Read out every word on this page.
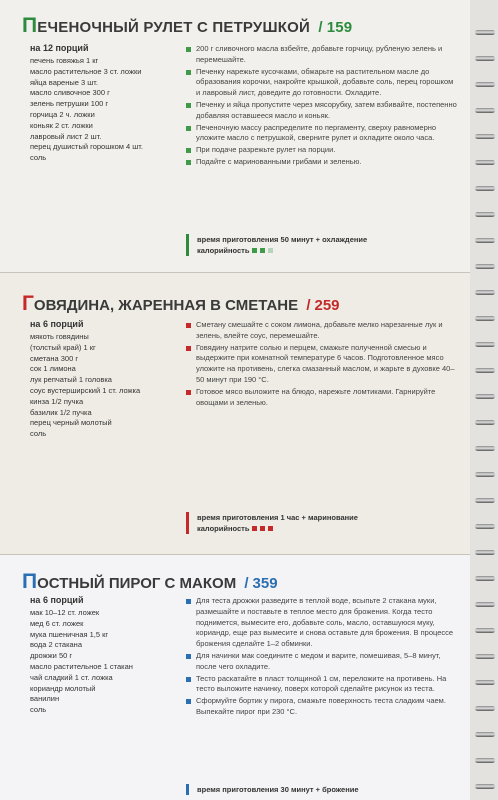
ПЕЧЕНОЧНЫЙ РУЛЕТ С ПЕТРУШКОЙ / 159
на 12 порций
печень говяжья 1 кг
масло растительное 3 ст. ложки
яйца вареные 3 шт.
масло сливочное 300 г
зелень петрушки 100 г
горчица 2 ч. ложки
коньяк 2 ст. ложки
лавровый лист 2 шт.
перец душистый горошком 4 шт.
соль
200 г сливочного масла взбейте, добавьте горчицу, рубленую зелень и перемешайте.
Печенку нарежьте кусочками, обжарьте на растительном масле до образования корочки, накройте крышкой, добавьте соль, перец горошком и лавровый лист, доведите до готовности. Охладите.
Печенку и яйца пропустите через мясорубку, затем взбивайте, постепенно добавляя оставшееся масло и коньяк.
Печеночную массу распределите по пергаменту, сверху равномерно уложите масло с петрушкой, сверните рулет и охладите около часа.
При подаче разрежьте рулет на порции.
Подайте с маринованными грибами и зеленью.
время приготовления 50 минут + охлаждение
калорийность
ГОВЯДИНА, ЖАРЕННАЯ В СМЕТАНЕ / 259
на 6 порций
мякоть говядины
(толстый край) 1 кг
сметана 300 г
сок 1 лимона
лук репчатый 1 головка
соус вустерширский 1 ст. ложка
кинза 1/2 пучка
базилик 1/2 пучка
перец черный молотый
соль
Сметану смешайте с соком лимона, добавьте мелко нарезанные лук и зелень, влейте соус, перемешайте.
Говядину натрите солью и перцем, смажьте полученной смесью и выдержите при комнатной температуре 6 часов. Подготовленное мясо уложите на противень, слегка смазанный маслом, и жарьте в духовке 40–50 минут при 190 °С.
Готовое мясо выложите на блюдо, нарежьте ломтиками. Гарнируйте овощами и зеленью.
время приготовления 1 час + маринование
калорийность
ПОСТНЫЙ ПИРОГ С МАКОМ / 359
на 6 порций
мак 10–12 ст. ложек
мед 6 ст. ложек
мука пшеничная 1,5 кг
вода 2 стакана
дрожжи 50 г
масло растительное 1 стакан
чай сладкий 1 ст. ложка
кориандр молотый
ванилин
соль
Для теста дрожжи разведите в теплой воде, всыпьте 2 стакана муки, размешайте и поставьте в теплое место для брожения. Когда тесто поднимется, вымесите его, добавьте соль, масло, оставшуюся муку, кориандр, еще раз вымесите и снова оставьте для брожения. В процессе брожения сделайте 1–2 обминки.
Для начинки мак соедините с медом и варите, помешивая, 5–8 минут, после чего охладите.
Тесто раскатайте в пласт толщиной 1 см, переложите на противень. На тесто выложите начинку, поверх которой сделайте рисунок из теста.
Сформуйте бортик у пирога, смажьте поверхность теста сладким чаем. Выпекайте пирог при 230 °С.
время приготовления 30 минут + брожение
